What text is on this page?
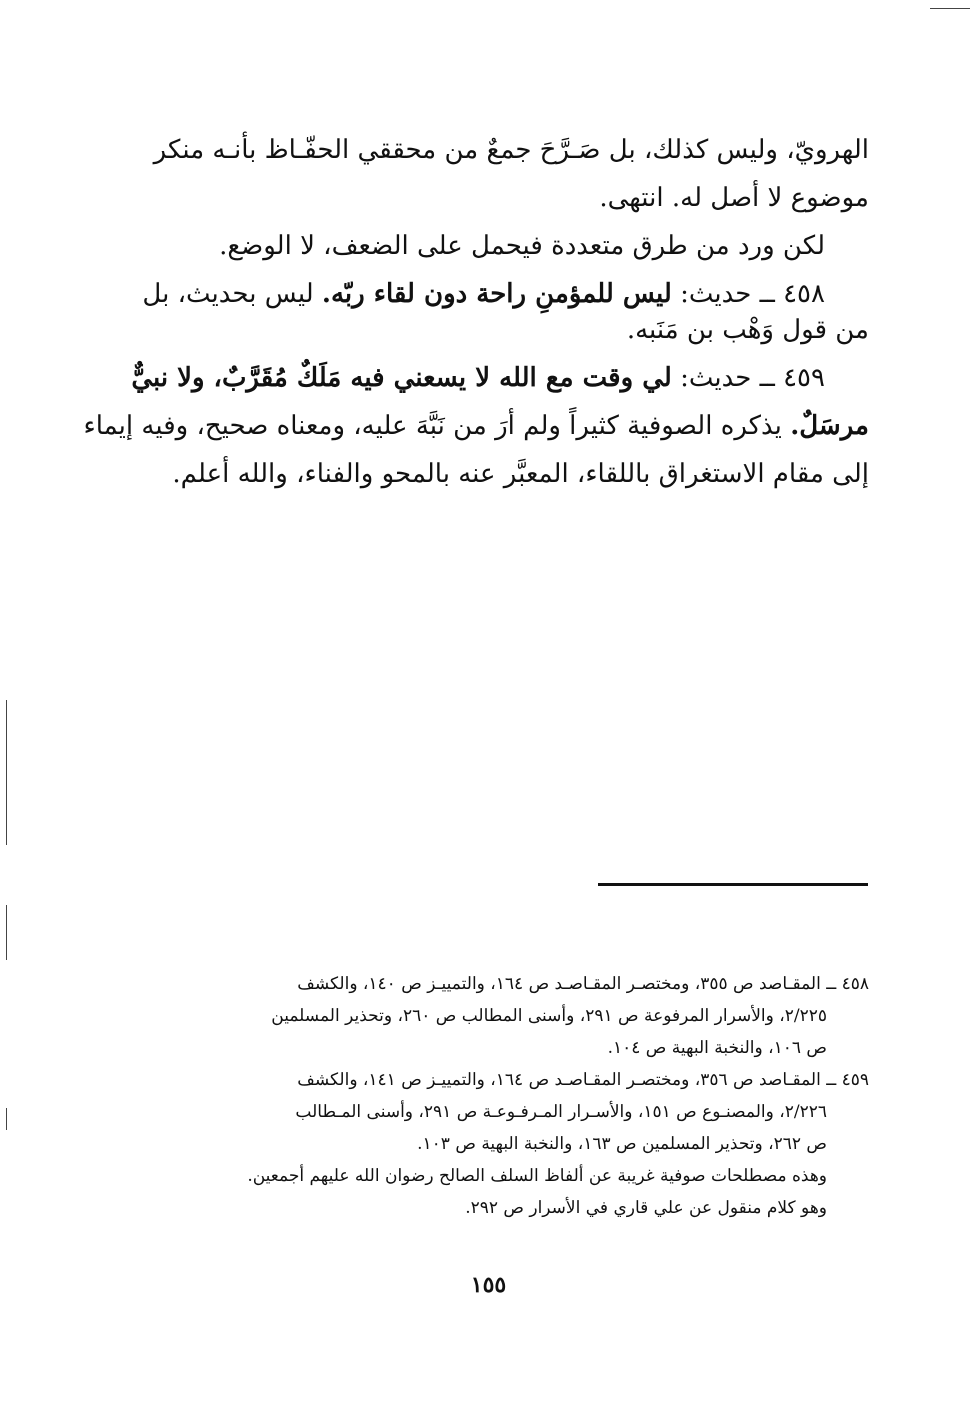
الهرويّ، وليس كذلك، بل صَـرَّحَ جمعٌ من محققي الحفّـاظ بأنـه منكر
موضوع لا أصل له. انتهى.

لكن ورد من طرق متعددة فيحمل على الضعف، لا الوضع.

٤٥٨ ــ حديث: ليس للمؤمنِ راحة دون لقاء ربّه. ليس بحديث، بل

من قول وَهْب بن مَنَبه.

٤٥٩ ــ حديث: لي وقت مع الله لا يسعني فيه مَلَكٌ مُقَرَّبٌ، ولا نبيٌّ

مرسَلٌ. يذكره الصوفية كثيراً ولم أرَ من نَبَّهَ عليه، ومعناه صحيح، وفيه إيماء
إلى مقام الاستغراق باللقاء، المعبَّر عنه بالمحو والفناء، والله أعلم.

٤٥٨ ــ المقـاصد ص ٣٥٥، ومختصـر المقـاصـد ص ١٦٤، والتمييـز ص ١٤٠، والكشف
٢/٢٢٥، والأسرار المرفوعة ص ٢٩١، وأسنى المطالب ص ٢٦٠، وتحذير المسلمين
ص ١٠٦، والنخبة البهية ص ١٠٤.
٤٥٩ ــ المقـاصد ص ٣٥٦، ومختصـر المقـاصـد ص ١٦٤، والتمييـز ص ١٤١، والكشف
٢/٢٢٦، والمصنـوع ص ١٥١، والأسـرار المـرفـوعـة ص ٢٩١، وأسنى المـطالب
ص ٢٦٢، وتحذير المسلمين ص ١٦٣، والنخبة البهية ص ١٠٣.
وهذه مصطلحات صوفية غريبة عن ألفاظ السلف الصالح رضوان الله عليهم أجمعين.
وهو كلام منقول عن علي قاري في الأسرار ص ٢٩٢.
١٥٥
